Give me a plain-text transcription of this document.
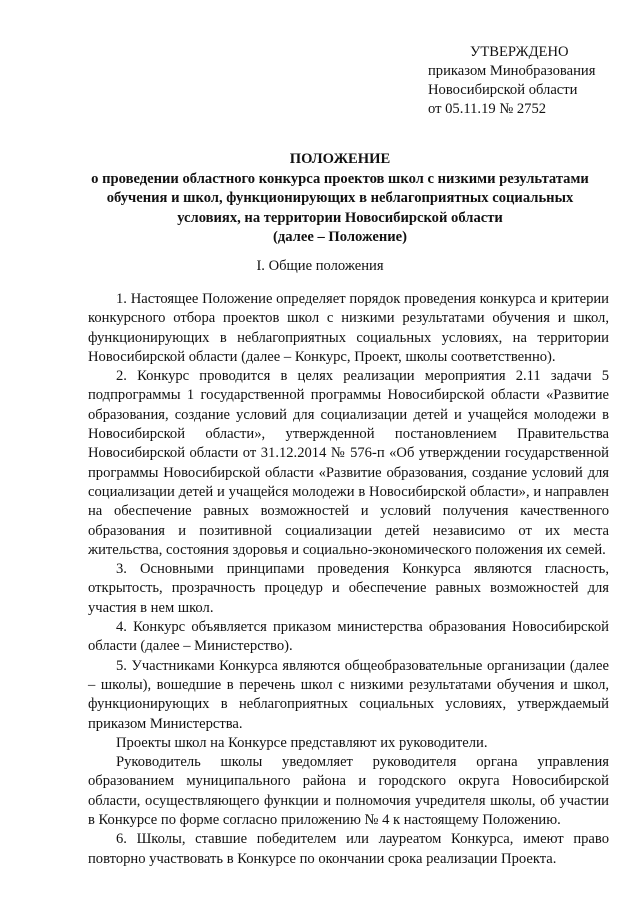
УТВЕРЖДЕНО
приказом Минобразования
Новосибирской области
от 05.11.19 № 2752
ПОЛОЖЕНИЕ
о проведении областного конкурса проектов школ с низкими результатами
обучения и школ, функционирующих в неблагоприятных социальных
условиях, на территории Новосибирской области
(далее – Положение)
I. Общие положения

1. Настоящее Положение определяет порядок проведения конкурса и критерии конкурсного отбора проектов школ с низкими результатами обучения и школ, функционирующих в неблагоприятных социальных условиях, на территории Новосибирской области (далее – Конкурс, Проект, школы соответственно).

2. Конкурс проводится в целях реализации мероприятия 2.11 задачи 5 подпрограммы 1 государственной программы Новосибирской области «Развитие образования, создание условий для социализации детей и учащейся молодежи в Новосибирской области», утвержденной постановлением Правительства Новосибирской области от 31.12.2014 № 576-п «Об утверждении государственной программы Новосибирской области «Развитие образования, создание условий для социализации детей и учащейся молодежи в Новосибирской области», и направлен на обеспечение равных возможностей и условий получения качественного образования и позитивной социализации детей независимо от их места жительства, состояния здоровья и социально-экономического положения их семей.

3. Основными принципами проведения Конкурса являются гласность, открытость, прозрачность процедур и обеспечение равных возможностей для участия в нем школ.

4. Конкурс объявляется приказом министерства образования Новосибирской области (далее – Министерство).

5. Участниками Конкурса являются общеобразовательные организации (далее – школы), вошедшие в перечень школ с низкими результатами обучения и школ, функционирующих в неблагоприятных социальных условиях, утверждаемый приказом Министерства.

Проекты школ на Конкурсе представляют их руководители.

Руководитель школы уведомляет руководителя органа управления образованием муниципального района и городского округа Новосибирской области, осуществляющего функции и полномочия учредителя школы, об участии в Конкурсе по форме согласно приложению № 4 к настоящему Положению.

6. Школы, ставшие победителем или лауреатом Конкурса, имеют право повторно участвовать в Конкурсе по окончании срока реализации Проекта.
